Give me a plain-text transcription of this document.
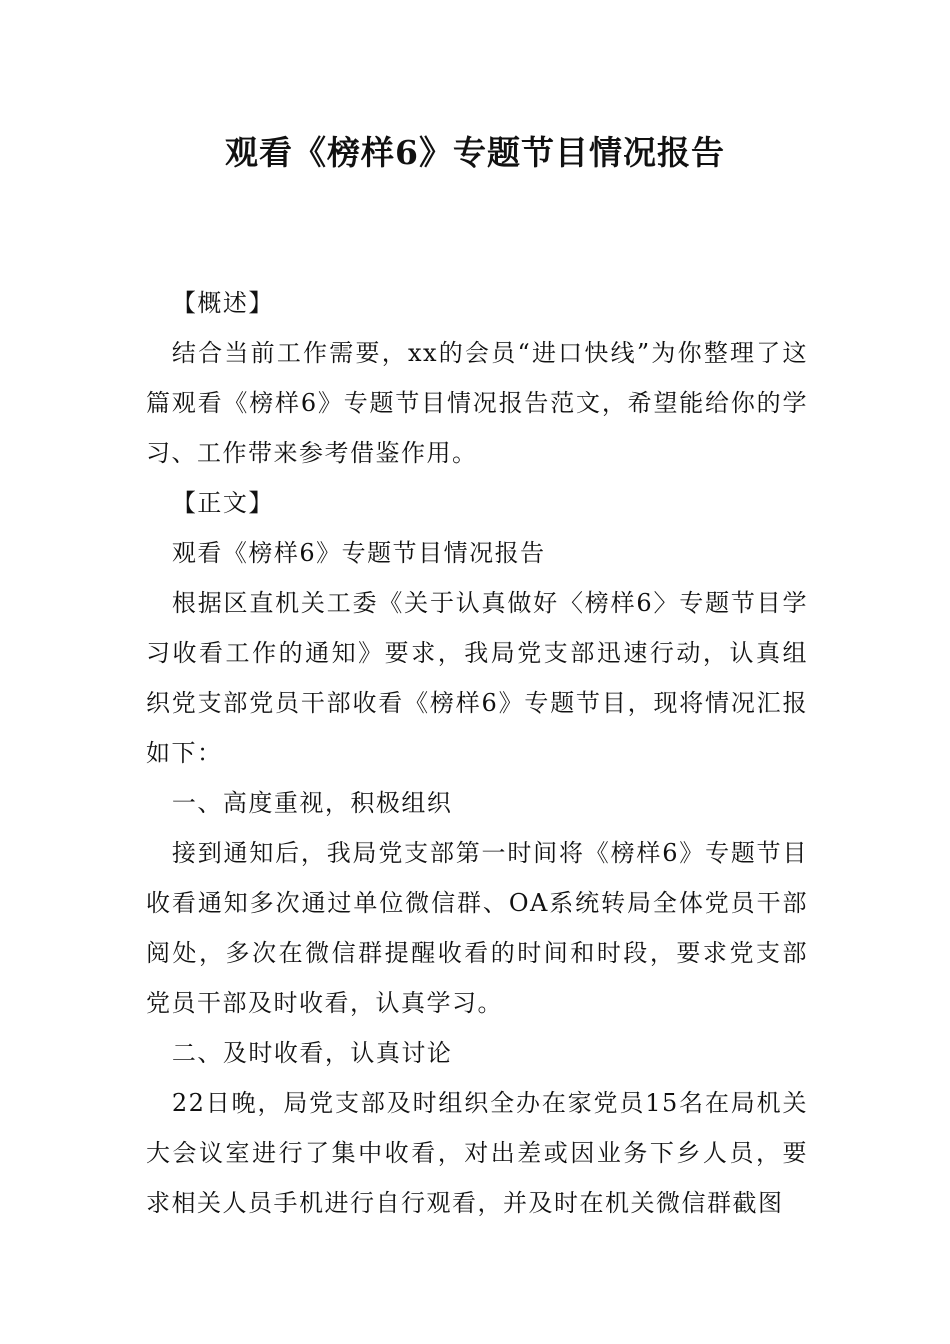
观看《榜样6》专题节目情况报告

【概述】

结合当前工作需要，xx的会员“进口快线”为你整理了这篇观看《榜样6》专题节目情况报告范文，希望能给你的学习、工作带来参考借鉴作用。

【正文】

观看《榜样6》专题节目情况报告

根据区直机关工委《关于认真做好〈榜样6〉专题节目学习收看工作的通知》要求，我局党支部迅速行动，认真组织党支部党员干部收看《榜样6》专题节目，现将情况汇报如下：

一、高度重视，积极组织

接到通知后，我局党支部第一时间将《榜样6》专题节目收看通知多次通过单位微信群、OA系统转局全体党员干部阅处，多次在微信群提醒收看的时间和时段，要求党支部党员干部及时收看，认真学习。

二、及时收看，认真讨论

22日晚，局党支部及时组织全办在家党员15名在局机关大会议室进行了集中收看，对出差或因业务下乡人员，要求相关人员手机进行自行观看，并及时在机关微信群截图
